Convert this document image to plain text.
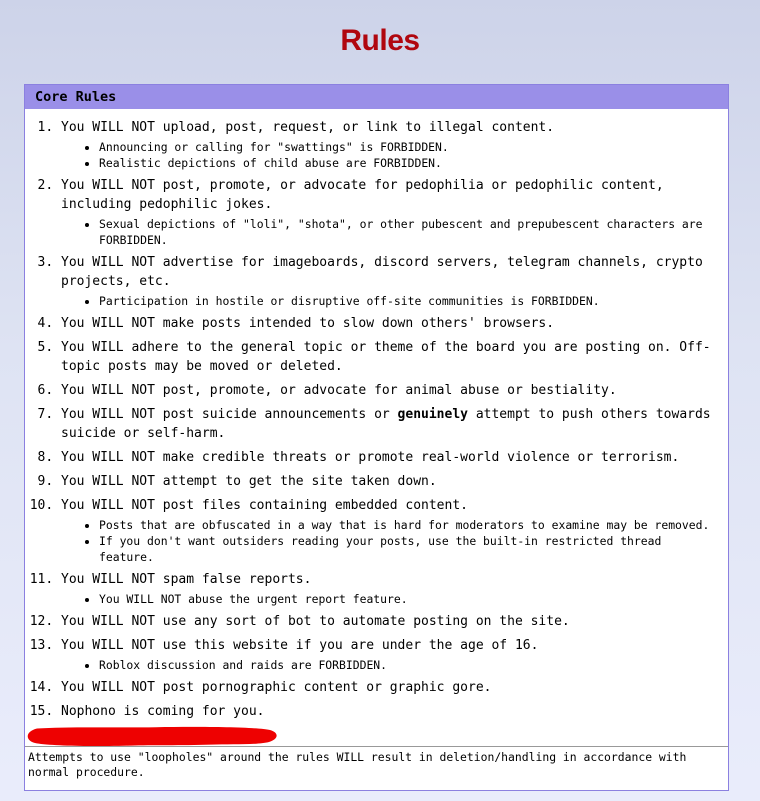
Rules
Core Rules
1. You WILL NOT upload, post, request, or link to illegal content.
• Announcing or calling for "swattings" is FORBIDDEN.
• Realistic depictions of child abuse are FORBIDDEN.
2. You WILL NOT post, promote, or advocate for pedophilia or pedophilic content, including pedophilic jokes.
• Sexual depictions of "loli", "shota", or other pubescent and prepubescent characters are FORBIDDEN.
3. You WILL NOT advertise for imageboards, discord servers, telegram channels, crypto projects, etc.
• Participation in hostile or disruptive off-site communities is FORBIDDEN.
4. You WILL NOT make posts intended to slow down others' browsers.
5. You WILL adhere to the general topic or theme of the board you are posting on. Off-topic posts may be moved or deleted.
6. You WILL NOT post, promote, or advocate for animal abuse or bestiality.
7. You WILL NOT post suicide announcements or genuinely attempt to push others towards suicide or self-harm.
8. You WILL NOT make credible threats or promote real-world violence or terrorism.
9. You WILL NOT attempt to get the site taken down.
10. You WILL NOT post files containing embedded content.
• Posts that are obfuscated in a way that is hard for moderators to examine may be removed.
• If you don't want outsiders reading your posts, use the built-in restricted thread feature.
11. You WILL NOT spam false reports.
• You WILL NOT abuse the urgent report feature.
12. You WILL NOT use any sort of bot to automate posting on the site.
13. You WILL NOT use this website if you are under the age of 16.
• Roblox discussion and raids are FORBIDDEN.
14. You WILL NOT post pornographic content or graphic gore.
15. Nophono is coming for you.
Attempts to use "loopholes" around the rules WILL result in deletion/handling in accordance with normal procedure.
